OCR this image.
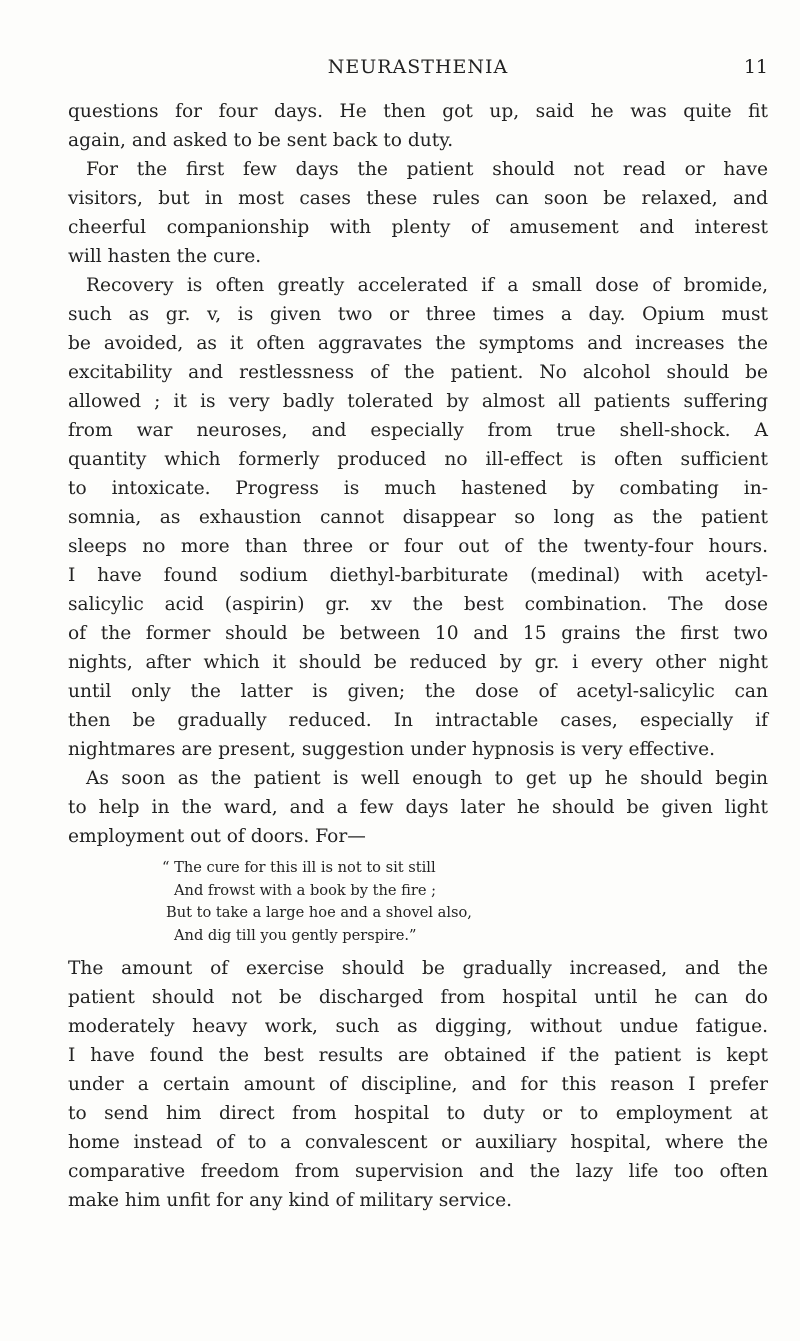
NEURASTHENIA	11
questions for four days. He then got up, said he was quite fit
again, and asked to be sent back to duty.
For the first few days the patient should not read or have
visitors, but in most cases these rules can soon be relaxed, and
cheerful companionship with plenty of amusement and interest
will hasten the cure.
Recovery is often greatly accelerated if a small dose of bromide,
such as gr. v, is given two or three times a day. Opium must
be avoided, as it often aggravates the symptoms and increases the
excitability and restlessness of the patient. No alcohol should be
allowed ; it is very badly tolerated by almost all patients suffering
from war neuroses, and especially from true shell-shock. A
quantity which formerly produced no ill-effect is often sufficient
to intoxicate. Progress is much hastened by combating in-
somnia, as exhaustion cannot disappear so long as the patient
sleeps no more than three or four out of the twenty-four hours.
I have found sodium diethyl-barbiturate (medinal) with acetyl-
salicylic acid (aspirin) gr. xv the best combination. The dose
of the former should be between 10 and 15 grains the first two
nights, after which it should be reduced by gr. i every other night
until only the latter is given; the dose of acetyl-salicylic can
then be gradually reduced. In intractable cases, especially if
nightmares are present, suggestion under hypnosis is very effective.
As soon as the patient is well enough to get up he should begin
to help in the ward, and a few days later he should be given light
employment out of doors. For—
“ The cure for this ill is not to sit still
And frowst with a book by the fire ;
But to take a large hoe and a shovel also,
And dig till you gently perspire.”
The amount of exercise should be gradually increased, and the
patient should not be discharged from hospital until he can do
moderately heavy work, such as digging, without undue fatigue.
I have found the best results are obtained if the patient is kept
under a certain amount of discipline, and for this reason I prefer
to send him direct from hospital to duty or to employment at
home instead of to a convalescent or auxiliary hospital, where the
comparative freedom from supervision and the lazy life too often
make him unfit for any kind of military service.
